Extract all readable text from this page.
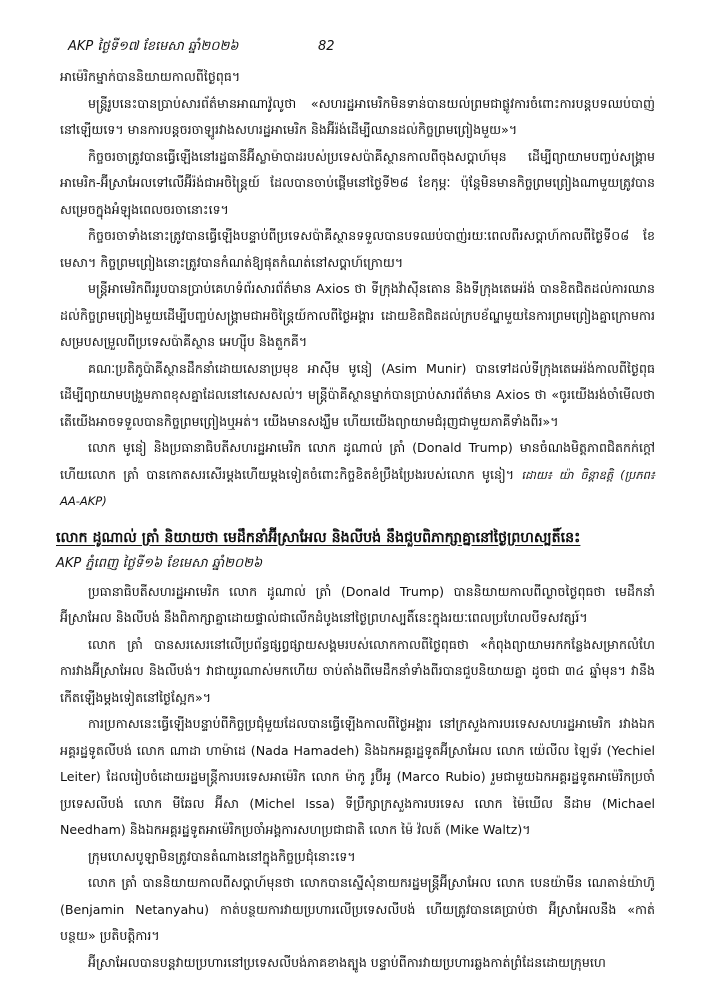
AKP ថ្ងៃទី១៧ ខែមេសា ឆ្នាំ២០២៦	82

អាម៉េរិកម្នាក់បាននិយាយកាលពីថ្ងៃពុធ។

មន្ត្រីរូបនេះបានប្រាប់សារព័ត៌មានអាណាវ៉ូលូថា «សហរដ្ឋអាមេរិកមិនទាន់បានយល់ព្រមជាផ្លូវការចំពោះការបន្តបទឈប់បាញ់នៅឡើយទេ។ មានការបន្តចរចាឡូរវាងសហរដ្ឋអាមេរិក និងអ៊ីរ៉ង់ដើម្បីឈានដល់កិច្ចព្រមព្រៀងមួយ»។

កិច្ចចរចាត្រូវបានធ្វើឡើងនៅរដ្ឋធានីអ៊ីស្លាម៉ាបាដរបស់ប្រទេសប៉ាគីស្ថានកាលពីចុងសប្តាហ៍មុន ដើម្បីព្យាយាមបញ្ចប់សង្គ្រាមអាមេរិក-អ៊ីស្រាអែលទៅលើអ៊ីរ៉ង់ជាអចិន្ត្រៃយ៍ ដែលបានចាប់ផ្តើមនៅថ្ងៃទី២៨ ខែកុម្ភៈ ប៉ុន្តែមិនមានកិច្ចព្រមព្រៀងណាមួយត្រូវបានសម្រេចក្នុងអំឡុងពេលចរចានោះទេ។

កិច្ចចរចាទាំងនោះត្រូវបានធ្វើឡើងបន្ទាប់ពីប្រទេសប៉ាគីស្ថានទទួលបានបទឈប់បាញ់រយៈពេលពីរសប្តាហ៍កាលពីថ្ងៃទី០៨ ខែមេសា។ កិច្ចព្រមព្រៀងនោះត្រូវបានកំណត់ឱ្យផុតកំណត់នៅសប្តាហ៍ក្រោយ។

មន្ត្រីអាមេរិកពីររូបបានប្រាប់គេហទំព័រសារព័ត៌មាន Axios ថា ទីក្រុងវ៉ាស៊ីនតោន និងទីក្រុងតេអេរ៉ង់ បានខិតជិតដល់ការឈានដល់កិច្ចព្រមព្រៀងមួយដើម្បីបញ្ចប់សង្គ្រាមជាអចិន្ត្រៃយ៍កាលពីថ្ងៃអង្គារ ដោយខិតជិតដល់ក្របខ័ណ្ឌមួយនៃការព្រមព្រៀងគ្នាក្រោមការសម្របសម្រួលពីប្រទេសប៉ាគីស្ថាន អេហ្ស៊ីប និងតួកគី។

គណៈប្រតិភូប៉ាគីស្ថានដឹកនាំដោយសេនាប្រមុខ អាស៊ីម មូនៀ (Asim Munir) បានទៅដល់ទីក្រុងតេអេរ៉ង់កាលពីថ្ងៃពុធ ដើម្បីព្យាយាមបង្រួមភាពខុសគ្នាដែលនៅសេសសល់។ មន្ត្រីប៉ាគីស្ថានម្នាក់បានប្រាប់សារព័ត៌មាន Axios ថា «ចូរយើងរង់ចាំមើលថា តើយើងអាចទទួលបានកិច្ចព្រមព្រៀងឬអត់។ យើងមានសង្ឃឹម ហើយយើងព្យាយាមជំរុញជាមួយភាគីទាំងពីរ»។

លោក មូនៀ និងប្រធានាធិបតីសហរដ្ឋអាមេរិក លោក ដូណាល់ ត្រាំ (Donald Trump) មានចំណងមិត្តភាពជិតកក់ក្តៅ ហើយលោក ត្រាំ បានកោតសរសើរម្តងហើយម្តងទៀតចំពោះកិច្ចខិតខំប្រឹងប្រែងរបស់លោក មូនៀ។ ដោយ៖ យ៉ា ចិន្តាឧត្តិ (ប្រភព៖ AA-AKP)

លោក ដូណាល់ ត្រាំ និយាយថា មេដឹកនាំអ៊ីស្រាអែល និងលីបង់ នឹងជួបពិភាក្សាគ្នានៅថ្ងៃព្រហស្បតិ៍នេះ
AKP ភ្នំពេញ ថ្ងៃទី១៦ ខែមេសា ឆ្នាំ២០២៦

ប្រធានាធិបតីសហរដ្ឋអាមេរិក លោក ដូណាល់ ត្រាំ (Donald Trump) បាននិយាយកាលពីល្ងាចថ្ងៃពុធថា មេដឹកនាំអ៊ីស្រាអែល និងលីបង់ នឹងពិភាក្សាគ្នាដោយផ្ទាល់ជាលើកដំបូងនៅថ្ងៃព្រហស្បតិ៍នេះក្នុងរយៈពេលប្រហែលបីទសវត្សរ៍។

លោក ត្រាំ បានសរសេរនៅលើប្រព័ន្ធផ្សព្វផ្សាយសង្គមរបស់លោកកាលពីថ្ងៃពុធថា «កំពុងព្យាយាមរកកន្លែងសម្រាកលំហែការវាងអ៊ីស្រាអែល និងលីបង់។ វាជាយូរណាស់មកហើយ ចាប់តាំងពីមេដឹកនាំទាំងពីរបានជួបនិយាយគ្នា ដូចជា ៣៤ ឆ្នាំមុន។ វានឹងកើតឡើងម្តងទៀតនៅថ្ងៃស្អែក»។

ការប្រកាសនេះធ្វើឡើងបន្ទាប់ពីកិច្ចប្រជុំមួយដែលបានធ្វើឡើងកាលពីថ្ងៃអង្គារ នៅក្រសួងការបរទេសសហរដ្ឋអាមេរិក រវាងឯកអគ្គរដ្ឋទូតលីបង់ លោក ណាដា ហាម៉ាដេ (Nada Hamadeh) និងឯកអគ្គរដ្ឋទូតអ៊ីស្រាអែល លោក យ៉េលីល ឡៃទ័រ (Yechiel Leiter) ដែលរៀបចំដោយរដ្ឋមន្ត្រីការបរទេសអាម៉េរិក លោក ម៉ាកូ រូប៊ីអូ (Marco Rubio) រួមជាមួយឯកអគ្គរដ្ឋទូតអាម៉េរិកប្រចាំប្រទេសលីបង់ លោក មីឆែល អ៊ីសា (Michel Issa) ទីប្រឹក្សាក្រសួងការបរទេស លោក ម៉ៃឃើល នីដាម (Michael Needham) និងឯកអគ្គរដ្ឋទូតអាម៉េរិកប្រចាំអង្គការសហប្រជាជាតិ លោក ម៉ៃ វ៉លត៍ (Mike Waltz)។

ក្រុមហេសបូឡាមិនត្រូវបានតំណាងនៅក្នុងកិច្ចប្រជុំនោះទេ។

លោក ត្រាំ បាននិយាយកាលពីសប្តាហ៍មុនថា លោកបានស្នើសុំនាយករដ្ឋមន្ត្រីអ៊ីស្រាអែល លោក បេនយ៉ាមីន ណេតាន់យ៉ាហ៊ូ (Benjamin Netanyahu) កាត់បន្ថយការវាយប្រហារលើប្រទេសលីបង់ ហើយត្រូវបានគេប្រាប់ថា អ៊ីស្រាអែលនឹង «កាត់បន្ថយ» ប្រតិបត្តិការ។

អ៊ីស្រាអែលបានបន្តវាយប្រហារនៅប្រទេសលីបង់ភាគខាងត្បូង បន្ទាប់ពីការវាយប្រហារឆ្លងកាត់ព្រំដែនដោយក្រុមហេ
